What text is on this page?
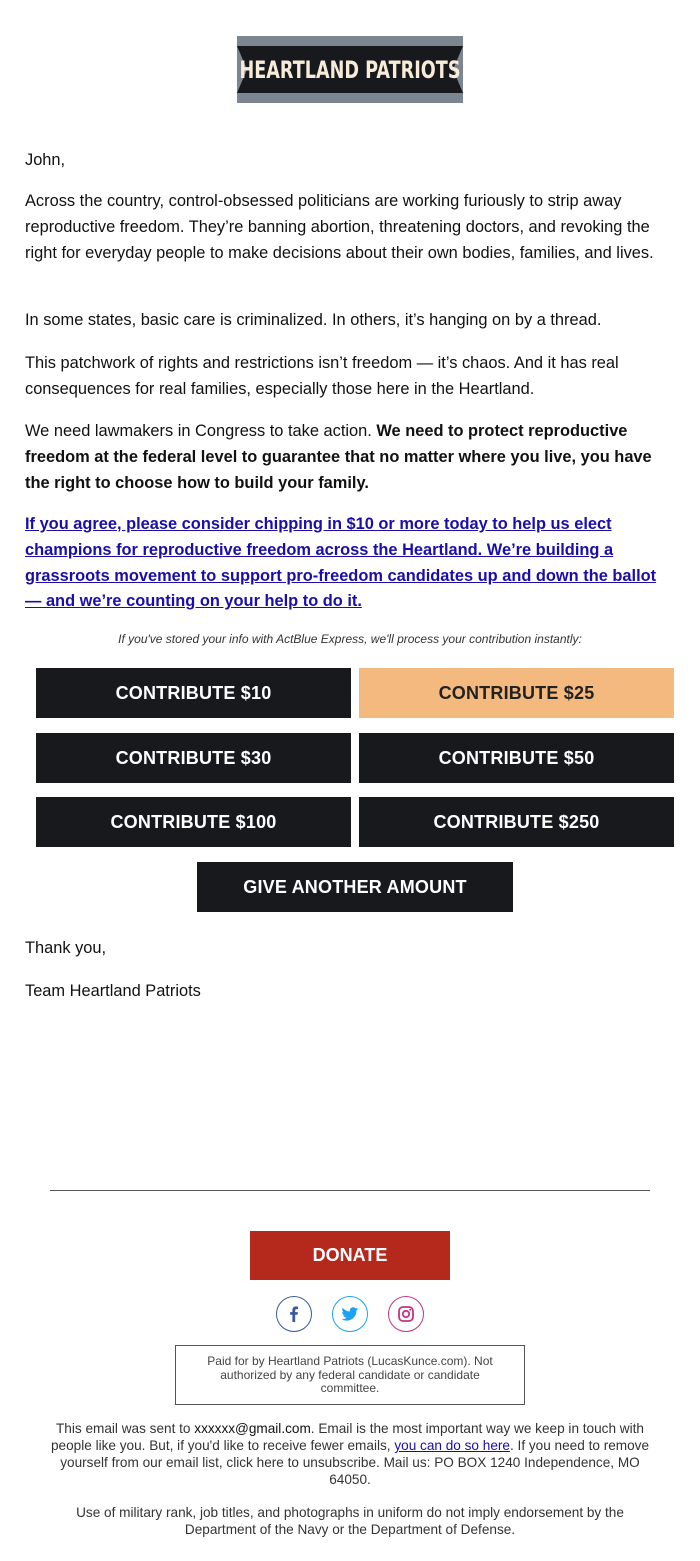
HEARTLAND PATRIOTS

John,

Across the country, control-obsessed politicians are working furiously to strip away reproductive freedom. They’re banning abortion, threatening doctors, and revoking the right for everyday people to make decisions about their own bodies, families, and lives.

In some states, basic care is criminalized. In others, it’s hanging on by a thread.

This patchwork of rights and restrictions isn’t freedom — it’s chaos. And it has real consequences for real families, especially those here in the Heartland.

We need lawmakers in Congress to take action. We need to protect reproductive freedom at the federal level to guarantee that no matter where you live, you have the right to choose how to build your family.

If you agree, please consider chipping in $10 or more today to help us elect champions for reproductive freedom across the Heartland. We’re building a grassroots movement to support pro-freedom candidates up and down the ballot — and we’re counting on your help to do it.

If you've stored your info with ActBlue Express, we'll process your contribution instantly:
CONTRIBUTE $10	CONTRIBUTE $25
CONTRIBUTE $30	CONTRIBUTE $50
CONTRIBUTE $100	CONTRIBUTE $250
GIVE ANOTHER AMOUNT

Thank you,

Team Heartland Patriots

DONATE
Paid for by Heartland Patriots (LucasKunce.com). Not authorized by any federal candidate or candidate committee.

This email was sent to xxxxxx@gmail.com. Email is the most important way we keep in touch with people like you. But, if you'd like to receive fewer emails, you can do so here. If you need to remove yourself from our email list, click here to unsubscribe. Mail us: PO BOX 1240 Independence, MO 64050.

Use of military rank, job titles, and photographs in uniform do not imply endorsement by the Department of the Navy or the Department of Defense.
